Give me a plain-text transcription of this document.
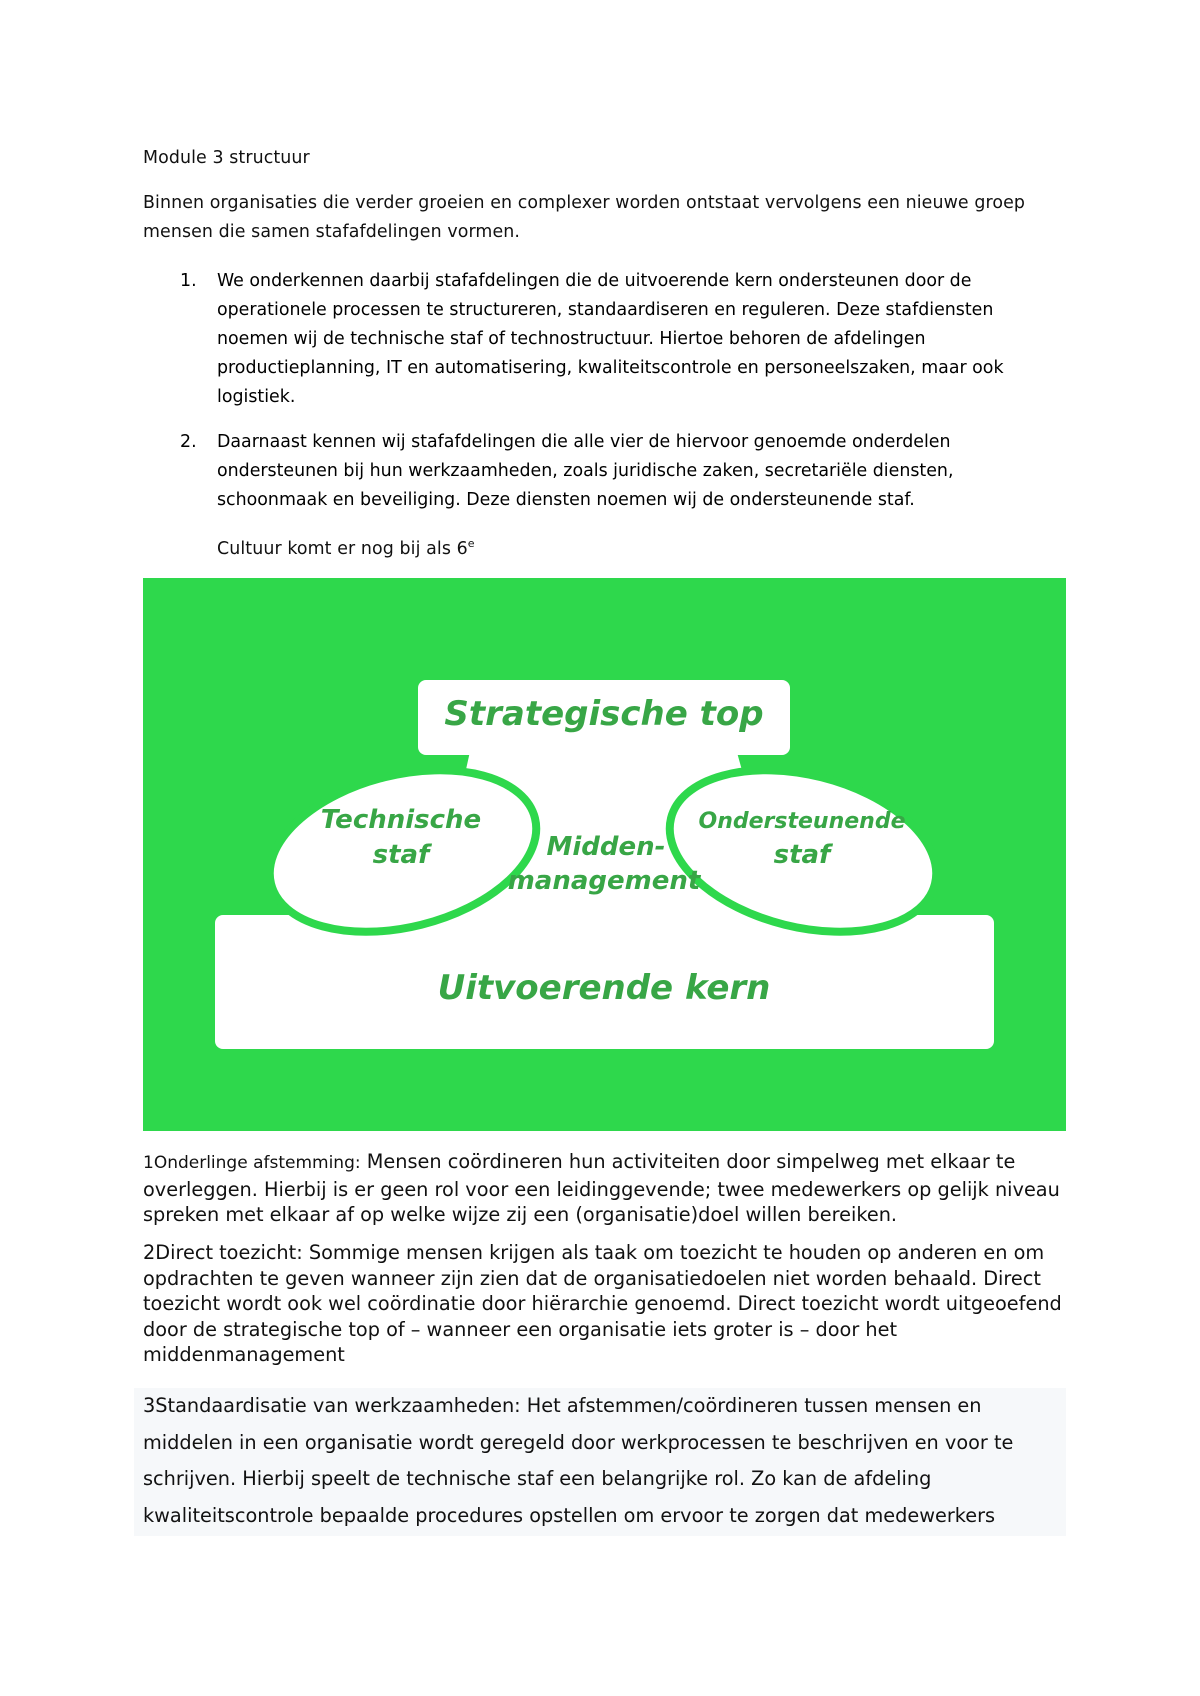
Module 3 structuur

Binnen organisaties die verder groeien en complexer worden ontstaat vervolgens een nieuwe groep mensen die samen stafafdelingen vormen.

1. We onderkennen daarbij stafafdelingen die de uitvoerende kern ondersteunen door de operationele processen te structureren, standaardiseren en reguleren. Deze stafdiensten noemen wij de technische staf of technostructuur. Hiertoe behoren de afdelingen productieplanning, IT en automatisering, kwaliteitscontrole en personeelszaken, maar ook logistiek.

2. Daarnaast kennen wij stafafdelingen die alle vier de hiervoor genoemde onderdelen ondersteunen bij hun werkzaamheden, zoals juridische zaken, secretariële diensten, schoonmaak en beveiliging. Deze diensten noemen wij de ondersteunende staf.

Cultuur komt er nog bij als 6e

Strategische top
Technische
staf	Midden-
management
Ondersteunende
staf
Uitvoerende kern

1Onderlinge afstemming: Mensen coördineren hun activiteiten door simpelweg met elkaar te overleggen. Hierbij is er geen rol voor een leidinggevende; twee medewerkers op gelijk niveau spreken met elkaar af op welke wijze zij een (organisatie)doel willen bereiken.

2Direct toezicht: Sommige mensen krijgen als taak om toezicht te houden op anderen en om opdrachten te geven wanneer zijn zien dat de organisatiedoelen niet worden behaald. Direct toezicht wordt ook wel coördinatie door hiërarchie genoemd. Direct toezicht wordt uitgeoefend door de strategische top of – wanneer een organisatie iets groter is – door het middenmanagement

3Standaardisatie van werkzaamheden: Het afstemmen/coördineren tussen mensen en

middelen in een organisatie wordt geregeld door werkprocessen te beschrijven en voor te

schrijven. Hierbij speelt de technische staf een belangrijke rol. Zo kan de afdeling

kwaliteitscontrole bepaalde procedures opstellen om ervoor te zorgen dat medewerkers
